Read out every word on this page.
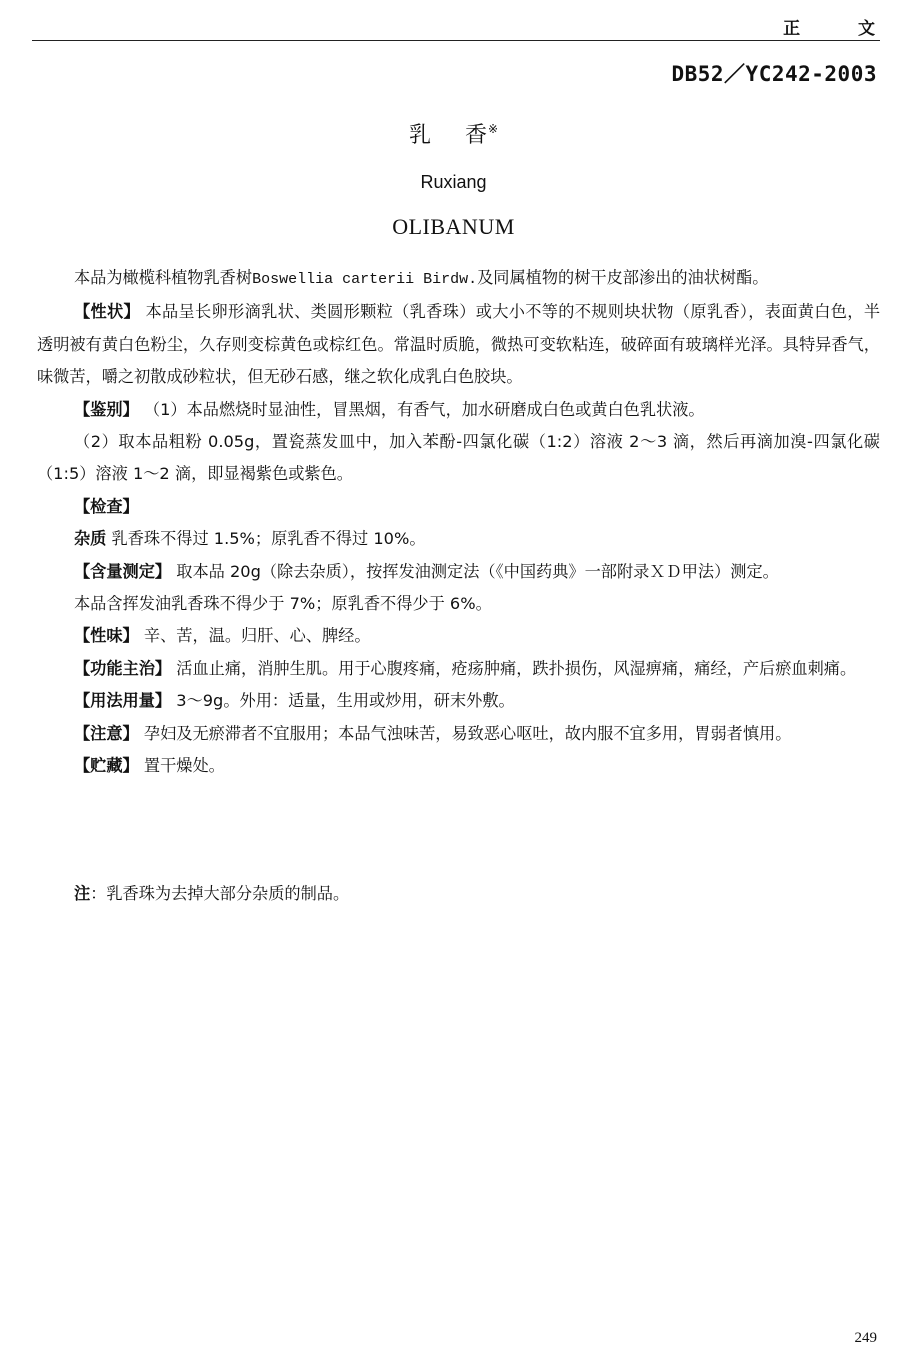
正 文
DB52／YC242-2003
乳 香※
Ruxiang
OLIBANUM

本品为橄榄科植物乳香树Boswellia carterii Birdw.及同属植物的树干皮部渗出的油状树酯。

【性状】 本品呈长卵形滴乳状、类圆形颗粒（乳香珠）或大小不等的不规则块状物（原乳香），表面黄白色，半透明被有黄白色粉尘，久存则变棕黄色或棕红色。常温时质脆，微热可变软粘连，破碎面有玻璃样光泽。具特异香气，味微苦，嚼之初散成砂粒状，但无砂石感，继之软化成乳白色胶块。

【鉴别】 （1）本品燃烧时显油性，冒黑烟，有香气，加水研磨成白色或黄白色乳状液。

（2）取本品粗粉 0.05g，置瓷蒸发皿中，加入苯酚-四氯化碳（1:2）溶液 2～3 滴，然后再滴加溴-四氯化碳（1:5）溶液 1～2 滴，即显褐紫色或紫色。

【检查】

杂质 乳香珠不得过 1.5%；原乳香不得过 10%。

【含量测定】 取本品 20g（除去杂质），按挥发油测定法（《中国药典》一部附录ＸＤ甲法）测定。

本品含挥发油乳香珠不得少于 7%；原乳香不得少于 6%。

【性味】 辛、苦，温。归肝、心、脾经。

【功能主治】 活血止痛，消肿生肌。用于心腹疼痛，疮疡肿痛，跌扑损伤，风湿痹痛，痛经，产后瘀血刺痛。

【用法用量】 3～9g。外用：适量，生用或炒用，研末外敷。

【注意】 孕妇及无瘀滞者不宜服用；本品气浊味苦，易致恶心呕吐，故内服不宜多用，胃弱者慎用。

【贮藏】 置干燥处。

注：乳香珠为去掉大部分杂质的制品。
249
